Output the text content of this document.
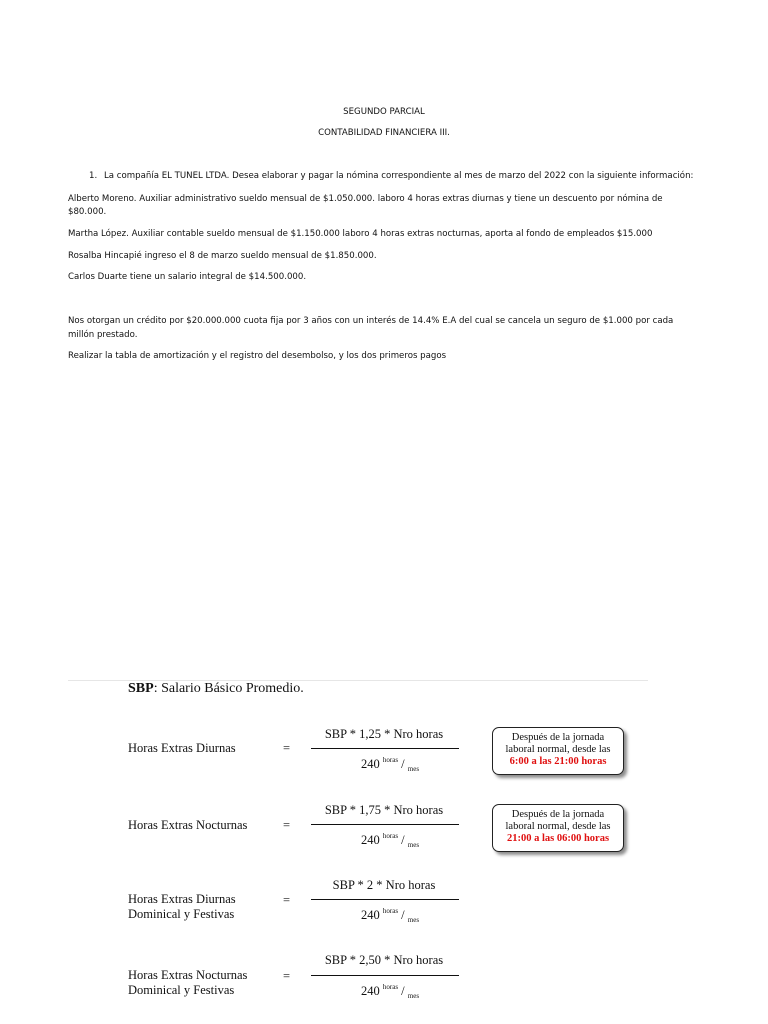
SEGUNDO PARCIAL
CONTABILIDAD FINANCIERA III.
1. La compañía EL TUNEL LTDA. Desea elaborar y pagar la nómina correspondiente al mes de marzo del 2022 con la siguiente información:
Alberto Moreno. Auxiliar administrativo sueldo mensual de $1.050.000. laboro 4 horas extras diurnas y tiene un descuento por nómina de
$80.000.
Martha López. Auxiliar contable sueldo mensual de $1.150.000 laboro 4 horas extras nocturnas, aporta al fondo de empleados $15.000
Rosalba Hincapié ingreso el 8 de marzo sueldo mensual de $1.850.000.
Carlos Duarte tiene un salario integral de $14.500.000.
Nos otorgan un crédito por $20.000.000 cuota fija por 3 años con un interés de 14.4% E.A del cual se cancela un seguro de $1.000 por cada
millón prestado.
Realizar la tabla de amortización y el registro del desembolso, y los dos primeros pagos
SBP: Salario Básico Promedio.
Horas Extras Diurnas	=
SBP * 1,25 * Nro horas
240 $^{horas}$ / $_{mes}$
Después de la jornada
laboral normal, desde las
6:00 a las 21:00 horas
Horas Extras Nocturnas	=
SBP * 1,75 * Nro horas
240 $^{horas}$ / $_{mes}$
Después de la jornada
laboral normal, desde las
21:00 a las 06:00 horas
Horas Extras Diurnas
Dominical y Festivas
=
SBP * 2 * Nro horas
240 $^{horas}$ / $_{mes}$
Horas Extras Nocturnas
Dominical y Festivas
=
SBP * 2,50 * Nro horas
240 $^{horas}$ / $_{mes}$
